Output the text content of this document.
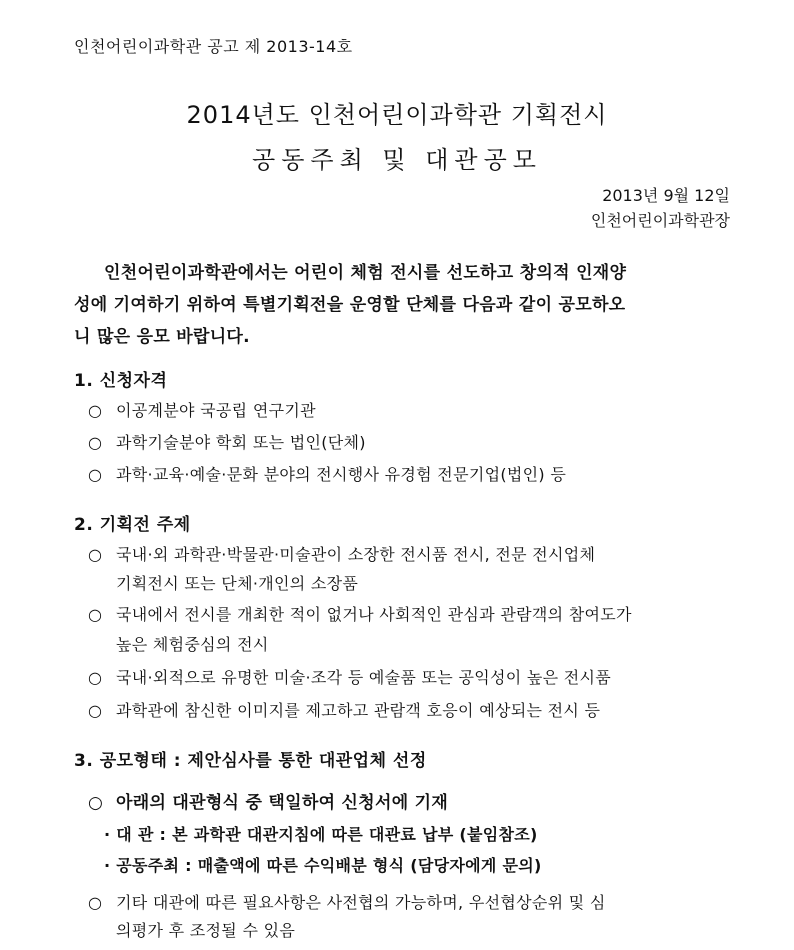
인천어린이과학관 공고 제 2013-14호
2014년도 인천어린이과학관 기획전시
공동주최 및 대관공모
2013년 9월 12일
인천어린이과학관장
인천어린이과학관에서는 어린이 체험 전시를 선도하고 창의적 인재양
성에 기여하기 위하여 특별기획전을 운영할 단체를 다음과 같이 공모하오
니 많은 응모 바랍니다.
1. 신청자격
○ 이공계분야 국공립 연구기관
○ 과학기술분야 학회 또는 법인(단체)
○ 과학·교육·예술·문화 분야의 전시행사 유경험 전문기업(법인) 등
2. 기획전 주제
○ 국내·외 과학관·박물관·미술관이 소장한 전시품 전시, 전문 전시업체
기획전시 또는 단체·개인의 소장품
○ 국내에서 전시를 개최한 적이 없거나 사회적인 관심과 관람객의 참여도가
높은 체험중심의 전시
○ 국내·외적으로 유명한 미술·조각 등 예술품 또는 공익성이 높은 전시품
○ 과학관에 참신한 이미지를 제고하고 관람객 호응이 예상되는 전시 등
3. 공모형태 : 제안심사를 통한 대관업체 선정
○ 아래의 대관형식 중 택일하여 신청서에 기재
· 대 관 : 본 과학관 대관지침에 따른 대관료 납부 (붙임참조)
· 공동주최 : 매출액에 따른 수익배분 형식 (담당자에게 문의)
○ 기타 대관에 따른 필요사항은 사전협의 가능하며, 우선협상순위 및 심
의평가 후 조정될 수 있음
